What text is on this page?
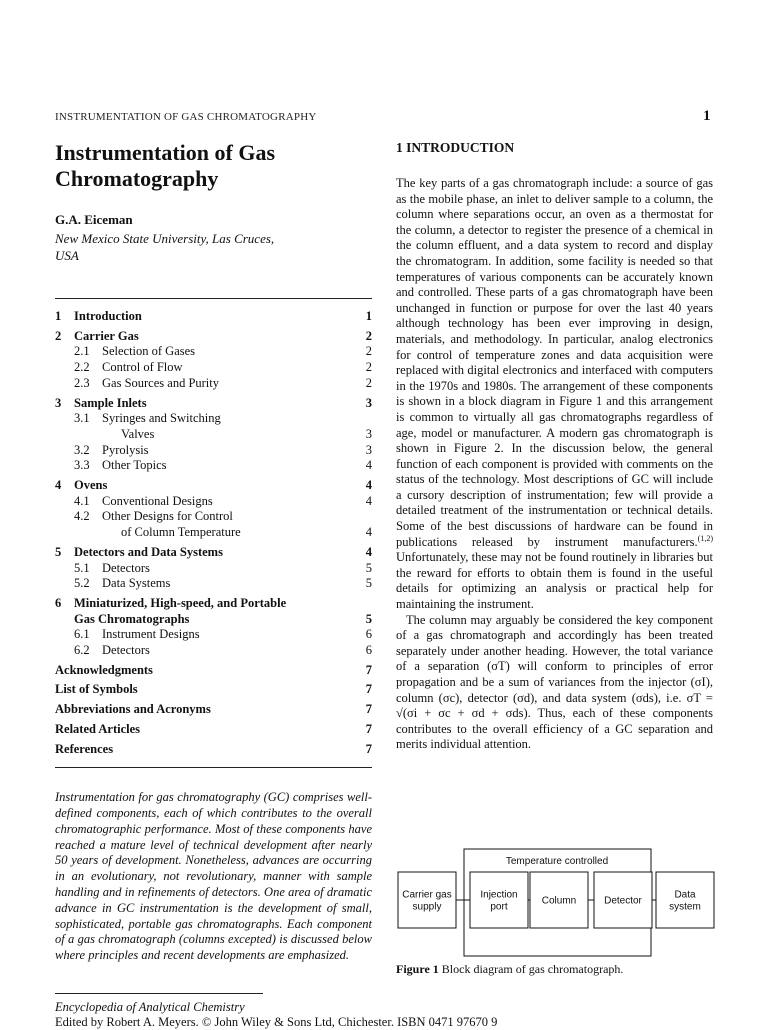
INSTRUMENTATION OF GAS CHROMATOGRAPHY	1
Instrumentation of Gas Chromatography
G.A. Eiceman
New Mexico State University, Las Cruces,
USA
1	Introduction	1
2	Carrier Gas	2
2.1 Selection of Gases	2
2.2 Control of Flow	2
2.3 Gas Sources and Purity	2
3	Sample Inlets	3
3.1 Syringes and Switching
Valves	3
3.2 Pyrolysis	3
3.3 Other Topics	4
4	Ovens	4
4.1 Conventional Designs	4
4.2 Other Designs for Control
of Column Temperature	4
5	Detectors and Data Systems	4
5.1 Detectors	5
5.2 Data Systems	5
6	Miniaturized, High-speed, and Portable
Gas Chromatographs	5
6.1 Instrument Designs	6
6.2 Detectors	6
Acknowledgments	7
List of Symbols	7
Abbreviations and Acronyms	7
Related Articles	7
References	7
Instrumentation for gas chromatography (GC) comprises well-defined components, each of which contributes to the overall chromatographic performance. Most of these components have reached a mature level of technical development after nearly 50 years of development. Nonetheless, advances are occurring in an evolutionary, not revolutionary, manner with sample handling and in refinements of detectors. One area of dramatic advance in GC instrumentation is the development of small, sophisticated, portable gas chromatographs. Each component of a gas chromatograph (columns excepted) is discussed below where principles and recent developments are emphasized.
1 INTRODUCTION

The key parts of a gas chromatograph include: a source of gas as the mobile phase, an inlet to deliver sample to a column, the column where separations occur, an oven as a thermostat for the column, a detector to register the presence of a chemical in the column effluent, and a data system to record and display the chromatogram. In addition, some facility is needed so that temperatures of various components can be accurately known and controlled. These parts of a gas chromatograph have been unchanged in function or purpose for over the last 40 years although technology has been ever improving in design, materials, and methodology. In particular, analog electronics for control of temperature zones and data acquisition were replaced with digital electronics and interfaced with computers in the 1970s and 1980s. The arrangement of these components is shown in a block diagram in Figure 1 and this arrangement is common to virtually all gas chromatographs regardless of age, model or manufacturer. A modern gas chromatograph is shown in Figure 2. In the discussion below, the general function of each component is provided with comments on the status of the technology. Most descriptions of GC will include a cursory description of instrumentation; few will provide a detailed treatment of the instrumentation or technical details. Some of the best discussions of hardware can be found in publications released by instrument manufacturers.$^{(1,2)}$ Unfortunately, these may not be found routinely in libraries but the reward for efforts to obtain them is found in the useful details for optimizing an analysis or practical help for maintaining the instrument.

The column may arguably be considered the key component of a gas chromatograph and accordingly has been treated separately under another heading. However, the total variance of a separation (σT) will conform to principles of error propagation and be a sum of variances from the injector (σI), column (σc), detector (σd), and data system (σds), i.e. σT = √(σi + σc + σd + σds). Thus, each of these components contributes to the overall efficiency of a GC separation and merits individual attention.

Temperature controlled
Carrier gas
supply
Injection
port
Column	Detector
Data
system
Figure 1 Block diagram of gas chromatograph.
Encyclopedia of Analytical Chemistry
Edited by Robert A. Meyers. © John Wiley & Sons Ltd, Chichester. ISBN 0471 97670 9
